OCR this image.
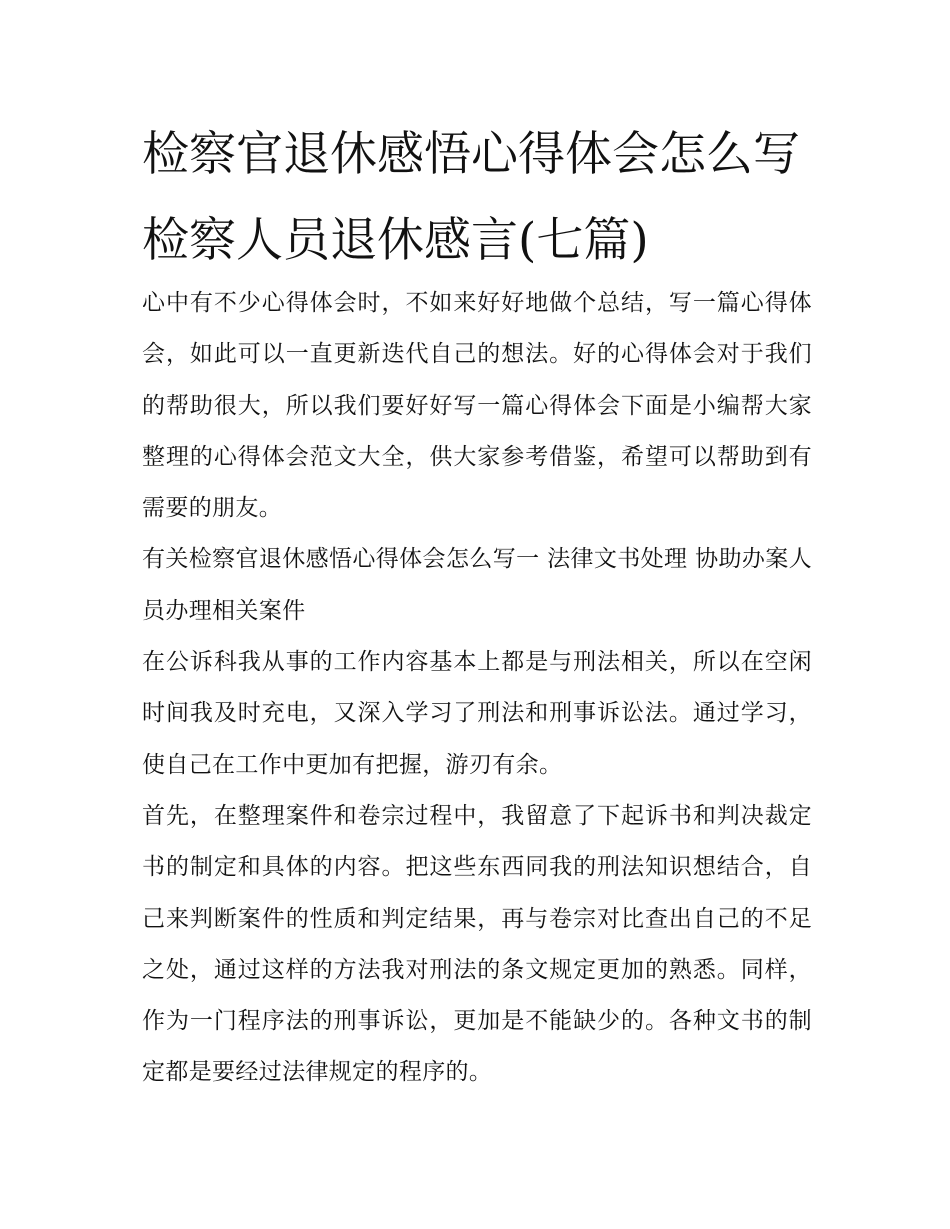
检察官退休感悟心得体会怎么写 检察人员退休感言(七篇)

心中有不少心得体会时，不如来好好地做个总结，写一篇心得体会，如此可以一直更新迭代自己的想法。好的心得体会对于我们的帮助很大，所以我们要好好写一篇心得体会下面是小编帮大家整理的心得体会范文大全，供大家参考借鉴，希望可以帮助到有需要的朋友。

有关检察官退休感悟心得体会怎么写一 法律文书处理 协助办案人员办理相关案件

在公诉科我从事的工作内容基本上都是与刑法相关，所以在空闲时间我及时充电，又深入学习了刑法和刑事诉讼法。通过学习，使自己在工作中更加有把握，游刃有余。

首先，在整理案件和卷宗过程中，我留意了下起诉书和判决裁定书的制定和具体的内容。把这些东西同我的刑法知识想结合，自己来判断案件的性质和判定结果，再与卷宗对比查出自己的不足之处，通过这样的方法我对刑法的条文规定更加的熟悉。同样，作为一门程序法的刑事诉讼，更加是不能缺少的。各种文书的制定都是要经过法律规定的程序的。
